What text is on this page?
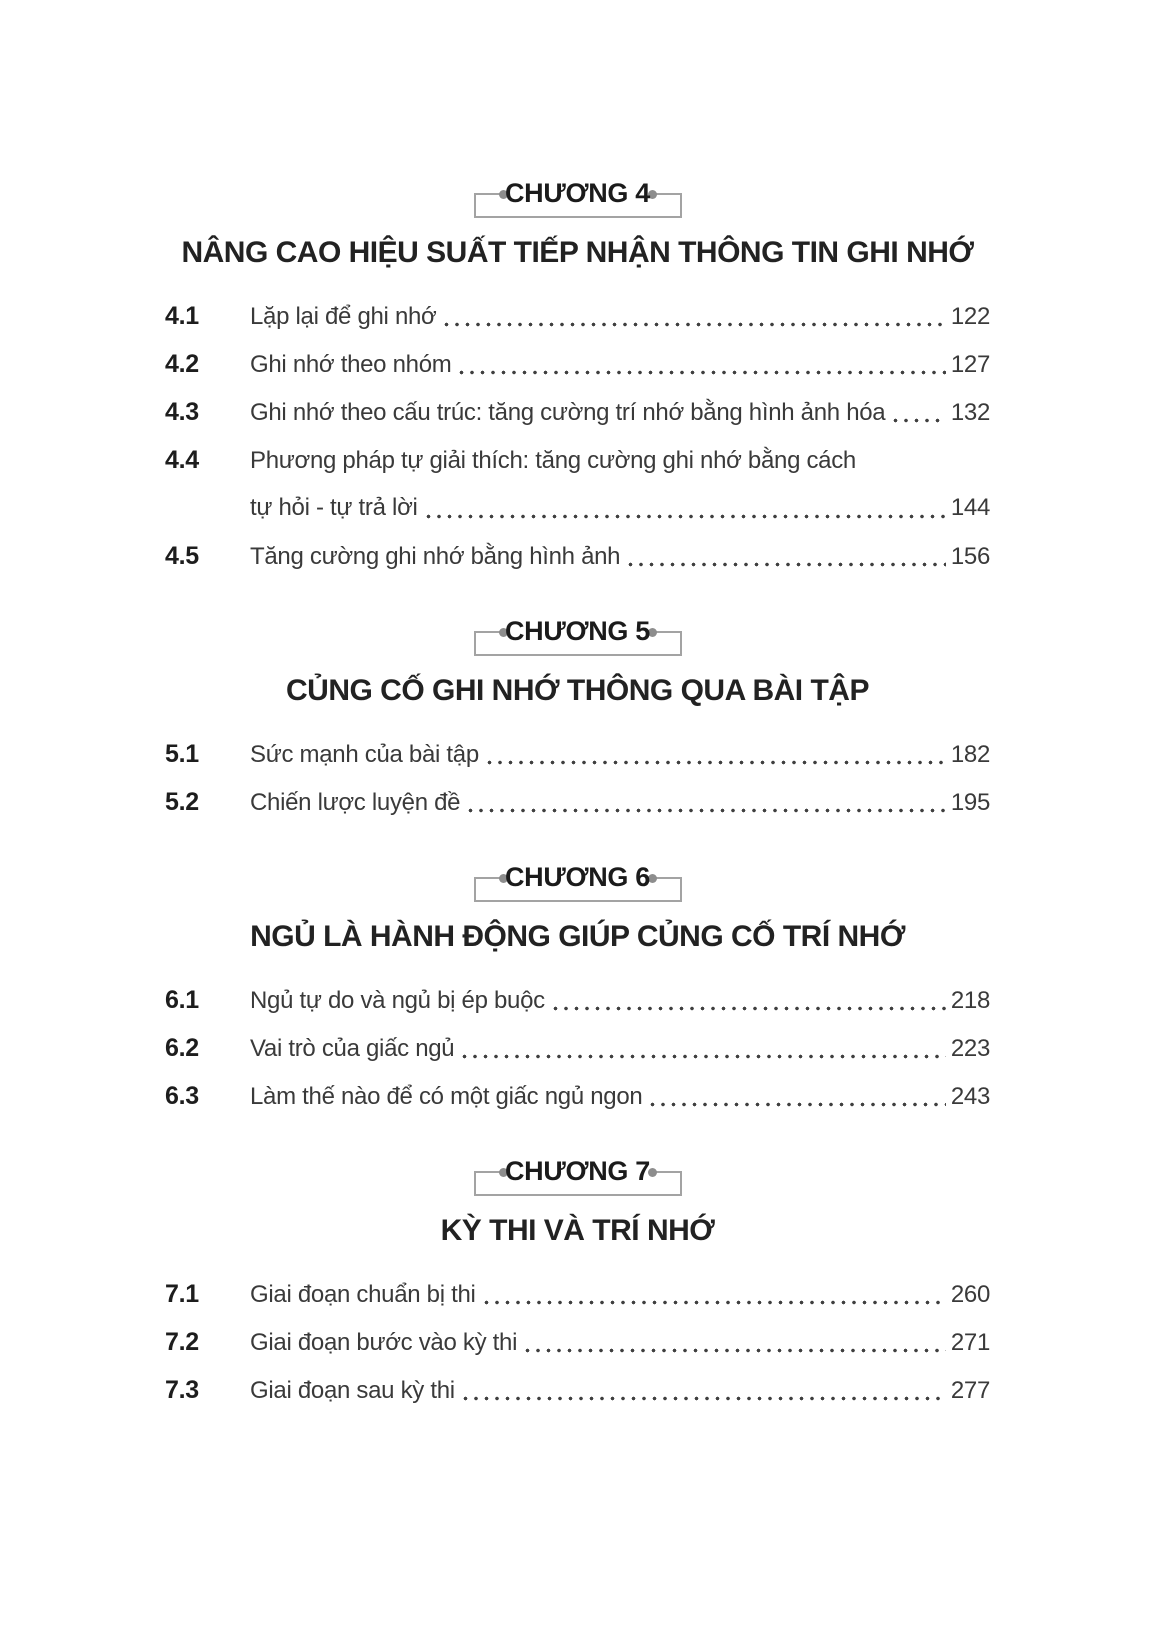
CHƯƠNG 4
NÂNG CAO HIỆU SUẤT TIẾP NHẬN THÔNG TIN GHI NHỚ
4.1	Lặp lại để ghi nhớ	122
4.2	Ghi nhớ theo nhóm	127
4.3	Ghi nhớ theo cấu trúc: tăng cường trí nhớ bằng hình ảnh hóa	132
4.4	Phương pháp tự giải thích: tăng cường ghi nhớ bằng cách
tự hỏi - tự trả lời	144
4.5	Tăng cường ghi nhớ bằng hình ảnh	156
CHƯƠNG 5
CỦNG CỐ GHI NHỚ THÔNG QUA BÀI TẬP
5.1	Sức mạnh của bài tập	182
5.2	Chiến lược luyện đề	195
CHƯƠNG 6
NGỦ LÀ HÀNH ĐỘNG GIÚP CỦNG CỐ TRÍ NHỚ
6.1	Ngủ tự do và ngủ bị ép buộc	218
6.2	Vai trò của giấc ngủ	223
6.3	Làm thế nào để có một giấc ngủ ngon	243
CHƯƠNG 7
KỲ THI VÀ TRÍ NHỚ
7.1	Giai đoạn chuẩn bị thi	260
7.2	Giai đoạn bước vào kỳ thi	271
7.3	Giai đoạn sau kỳ thi	277
